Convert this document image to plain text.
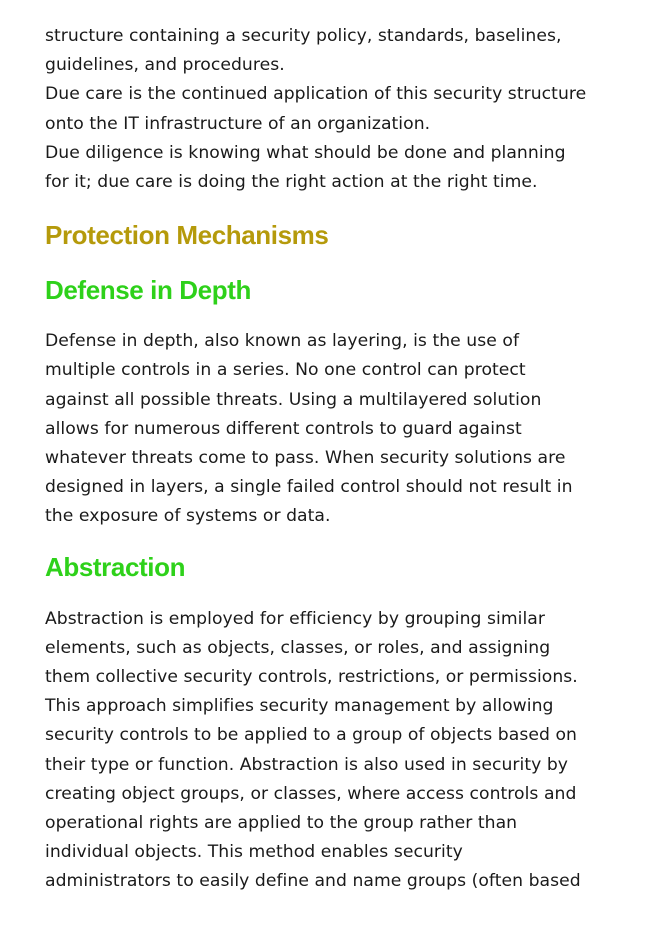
structure containing a security policy, standards, baselines,
guidelines, and procedures.
Due care is the continued application of this security structure
onto the IT infrastructure of an organization.
Due diligence is knowing what should be done and planning
for it; due care is doing the right action at the right time.

Protection Mechanisms
Defense in Depth

Defense in depth, also known as layering, is the use of
multiple controls in a series. No one control can protect
against all possible threats. Using a multilayered solution
allows for numerous different controls to guard against
whatever threats come to pass. When security solutions are
designed in layers, a single failed control should not result in
the exposure of systems or data.

Abstraction

Abstraction is employed for efficiency by grouping similar
elements, such as objects, classes, or roles, and assigning
them collective security controls, restrictions, or permissions.
This approach simplifies security management by allowing
security controls to be applied to a group of objects based on
their type or function. Abstraction is also used in security by
creating object groups, or classes, where access controls and
operational rights are applied to the group rather than
individual objects. This method enables security
administrators to easily define and name groups (often based
